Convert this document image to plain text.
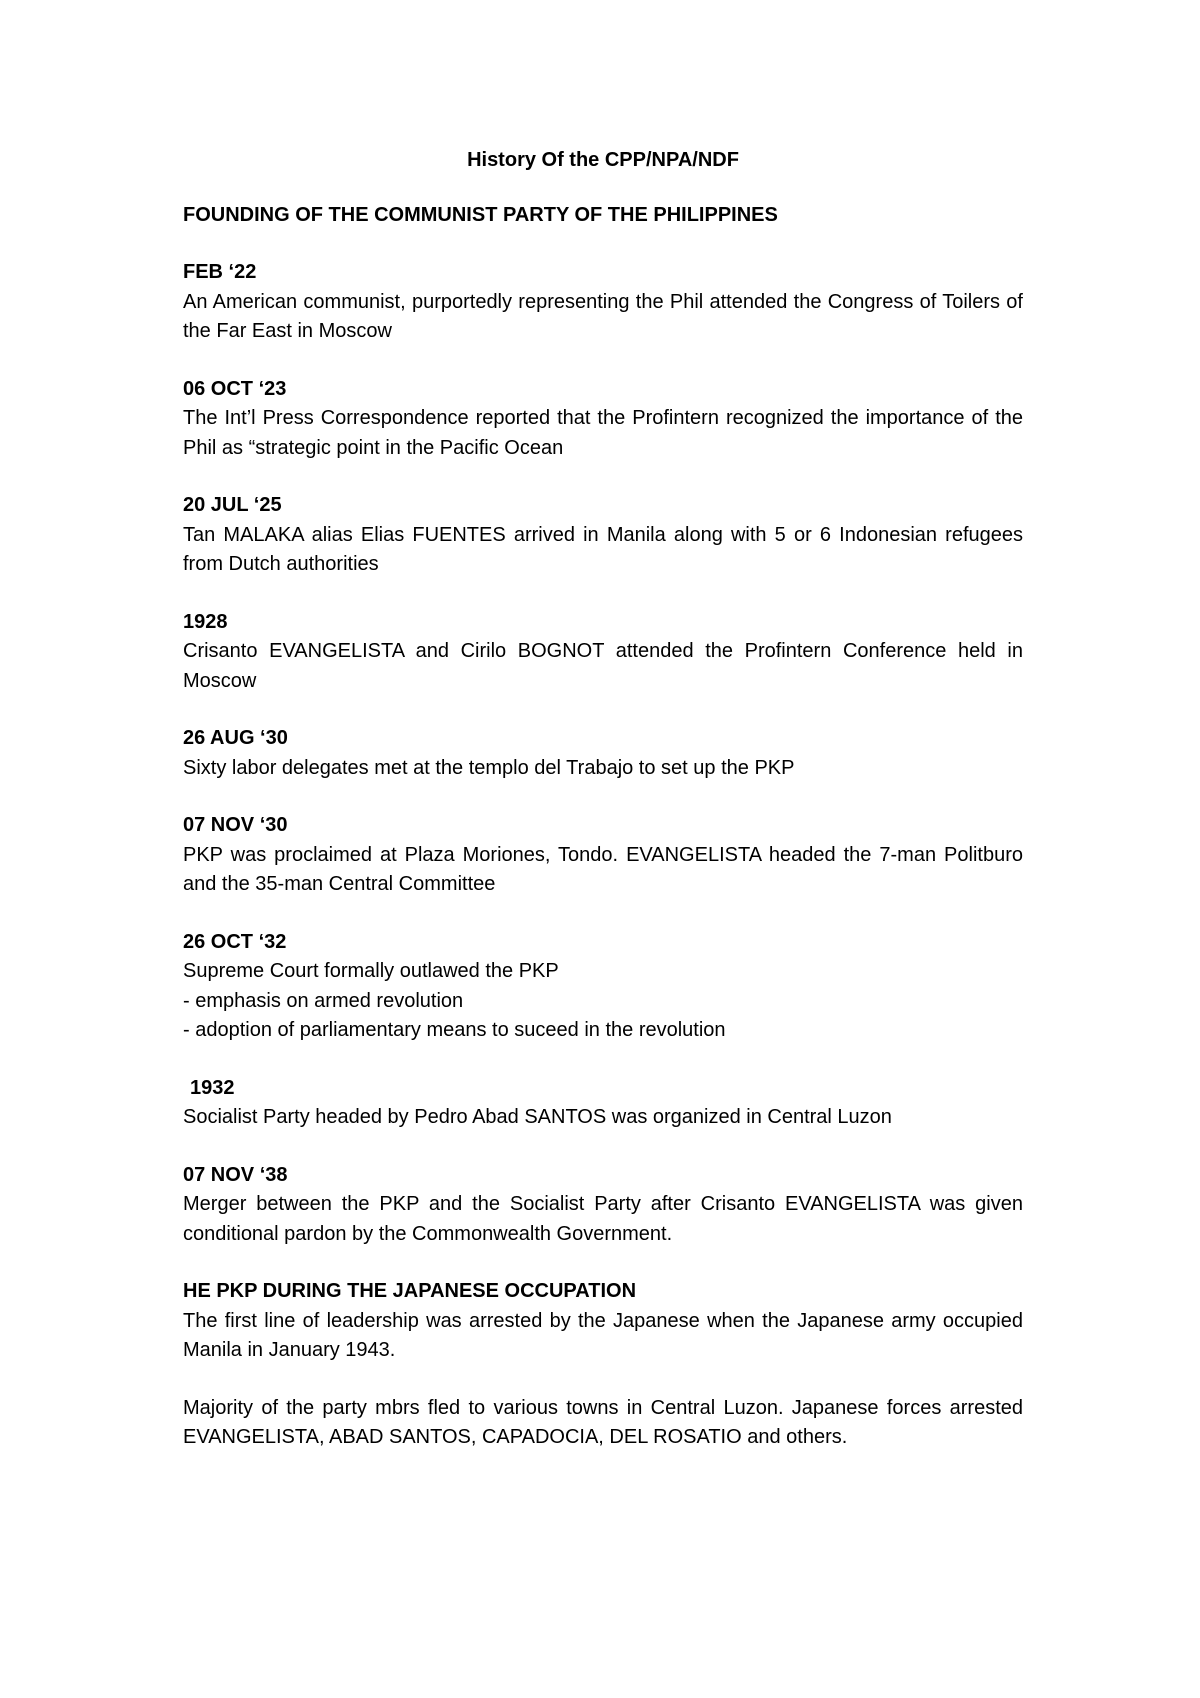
History Of the CPP/NPA/NDF
FOUNDING OF THE COMMUNIST PARTY OF THE PHILIPPINES
FEB ‘22
An American communist, purportedly representing the Phil attended the Congress of Toilers of the Far East in Moscow
06 OCT ‘23
The Int’l Press Correspondence reported that the Profintern recognized the importance of the Phil as “strategic point in the Pacific Ocean
20 JUL ‘25
Tan MALAKA alias Elias FUENTES arrived in Manila along with 5 or 6 Indonesian refugees from Dutch authorities
1928
Crisanto EVANGELISTA and Cirilo BOGNOT attended the Profintern Conference held in Moscow
26 AUG ‘30
Sixty labor delegates met at the templo del Trabajo to set up the PKP
07 NOV ‘30
PKP was proclaimed at Plaza Moriones, Tondo. EVANGELISTA headed the 7-man Politburo and the 35-man Central Committee
26 OCT ‘32
Supreme Court formally outlawed the PKP
- emphasis on armed revolution
- adoption of parliamentary means to suceed in the revolution
1932
Socialist Party headed by Pedro Abad SANTOS was organized in Central Luzon
07 NOV ‘38
Merger between the PKP and the Socialist Party after Crisanto EVANGELISTA was given conditional pardon by the Commonwealth Government.
HE PKP DURING THE JAPANESE OCCUPATION
The first line of leadership was arrested by the Japanese when the Japanese army occupied Manila in January 1943.
Majority of the party mbrs fled to various towns in Central Luzon. Japanese forces arrested EVANGELISTA, ABAD SANTOS, CAPADOCIA, DEL ROSATIO and others.
